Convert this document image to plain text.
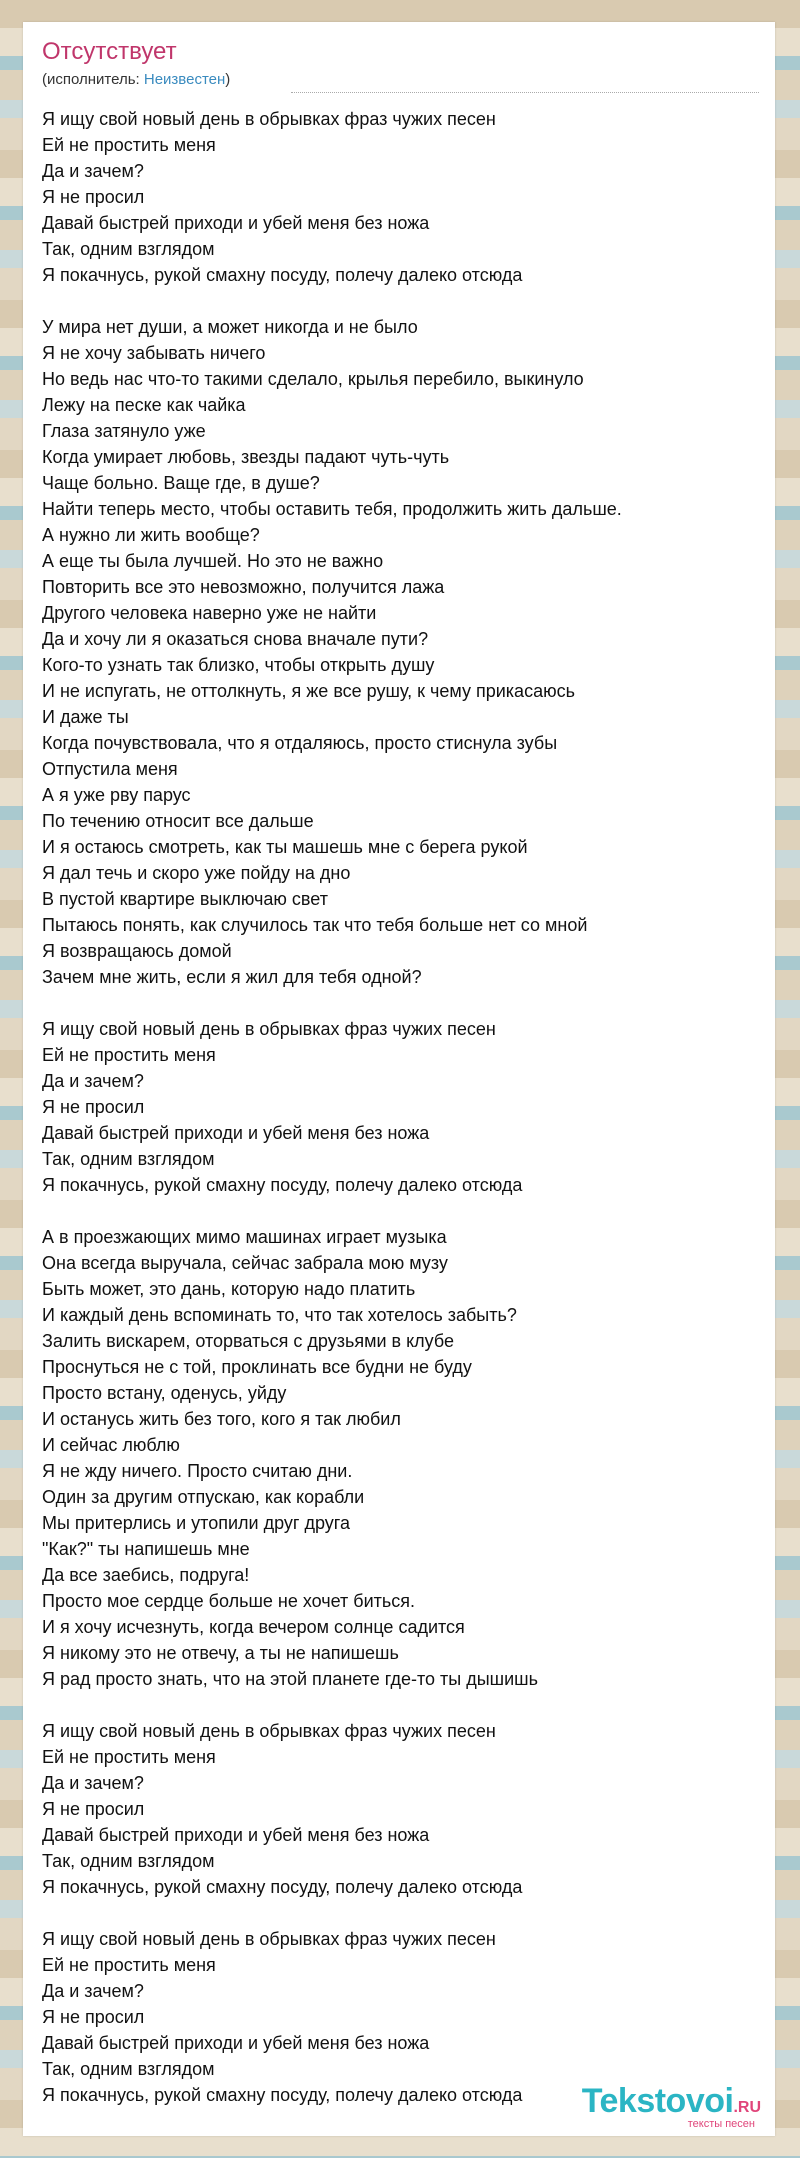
Отсутствует
(исполнитель: Неизвестен)
Я ищу свой новый день в обрывках фраз чужих песен
Ей не простить меня
Да и зачем?
Я не просил
Давай быстрей приходи и убей меня без ножа
Так, одним взглядом
Я покачнусь, рукой смахну посуду, полечу далеко отсюда
У мира нет души, а может никогда и не было
Я не хочу забывать ничего
Но ведь нас что-то такими сделало, крылья перебило, выкинуло
Лежу на песке как чайка
Глаза затянуло уже
Когда умирает любовь, звезды падают чуть-чуть
Чаще больно. Ваще где, в душе?
Найти теперь место, чтобы оставить тебя, продолжить жить дальше.
А нужно ли жить вообще?
А еще ты была лучшей. Но это не важно
Повторить все это невозможно, получится лажа
Другого человека наверно уже не найти
Да и хочу ли я оказаться снова вначале пути?
Кого-то узнать так близко, чтобы открыть душу
И не испугать, не оттолкнуть, я же все рушу, к чему прикасаюсь
И даже ты
Когда почувствовала, что я отдаляюсь, просто стиснула зубы
Отпустила меня
А я уже рву парус
По течению относит все дальше
И я остаюсь смотреть, как ты машешь мне с берега рукой
Я дал течь и скоро уже пойду на дно
В пустой квартире выключаю свет
Пытаюсь понять, как случилось так что тебя больше нет со мной
Я возвращаюсь домой
Зачем мне жить, если я жил для тебя одной?
Я ищу свой новый день в обрывках фраз чужих песен
Ей не простить меня
Да и зачем?
Я не просил
Давай быстрей приходи и убей меня без ножа
Так, одним взглядом
Я покачнусь, рукой смахну посуду, полечу далеко отсюда
А в проезжающих мимо машинах играет музыка
Она всегда выручала, сейчас забрала мою музу
Быть может, это дань, которую надо платить
И каждый день вспоминать то, что так хотелось забыть?
Залить вискарем, оторваться с друзьями в клубе
Проснуться не с той, проклинать все будни не буду
Просто встану, оденусь, уйду
И останусь жить без того, кого я так любил
И сейчас люблю
Я не жду ничего. Просто считаю дни.
Один за другим отпускаю, как корабли
Мы притерлись и утопили друг друга
"Как?" ты напишешь мне
Да все заебись, подруга!
Просто мое сердце больше не хочет биться.
И я хочу исчезнуть, когда вечером солнце садится
Я никому это не отвечу, а ты не напишешь
Я рад просто знать, что на этой планете где-то ты дышишь
Я ищу свой новый день в обрывках фраз чужих песен
Ей не простить меня
Да и зачем?
Я не просил
Давай быстрей приходи и убей меня без ножа
Так, одним взглядом
Я покачнусь, рукой смахну посуду, полечу далеко отсюда
Я ищу свой новый день в обрывках фраз чужих песен
Ей не простить меня
Да и зачем?
Я не просил
Давай быстрей приходи и убей меня без ножа
Так, одним взглядом
Я покачнусь, рукой смахну посуду, полечу далеко отсюда	Tekstovoi.RU
тексты песен
